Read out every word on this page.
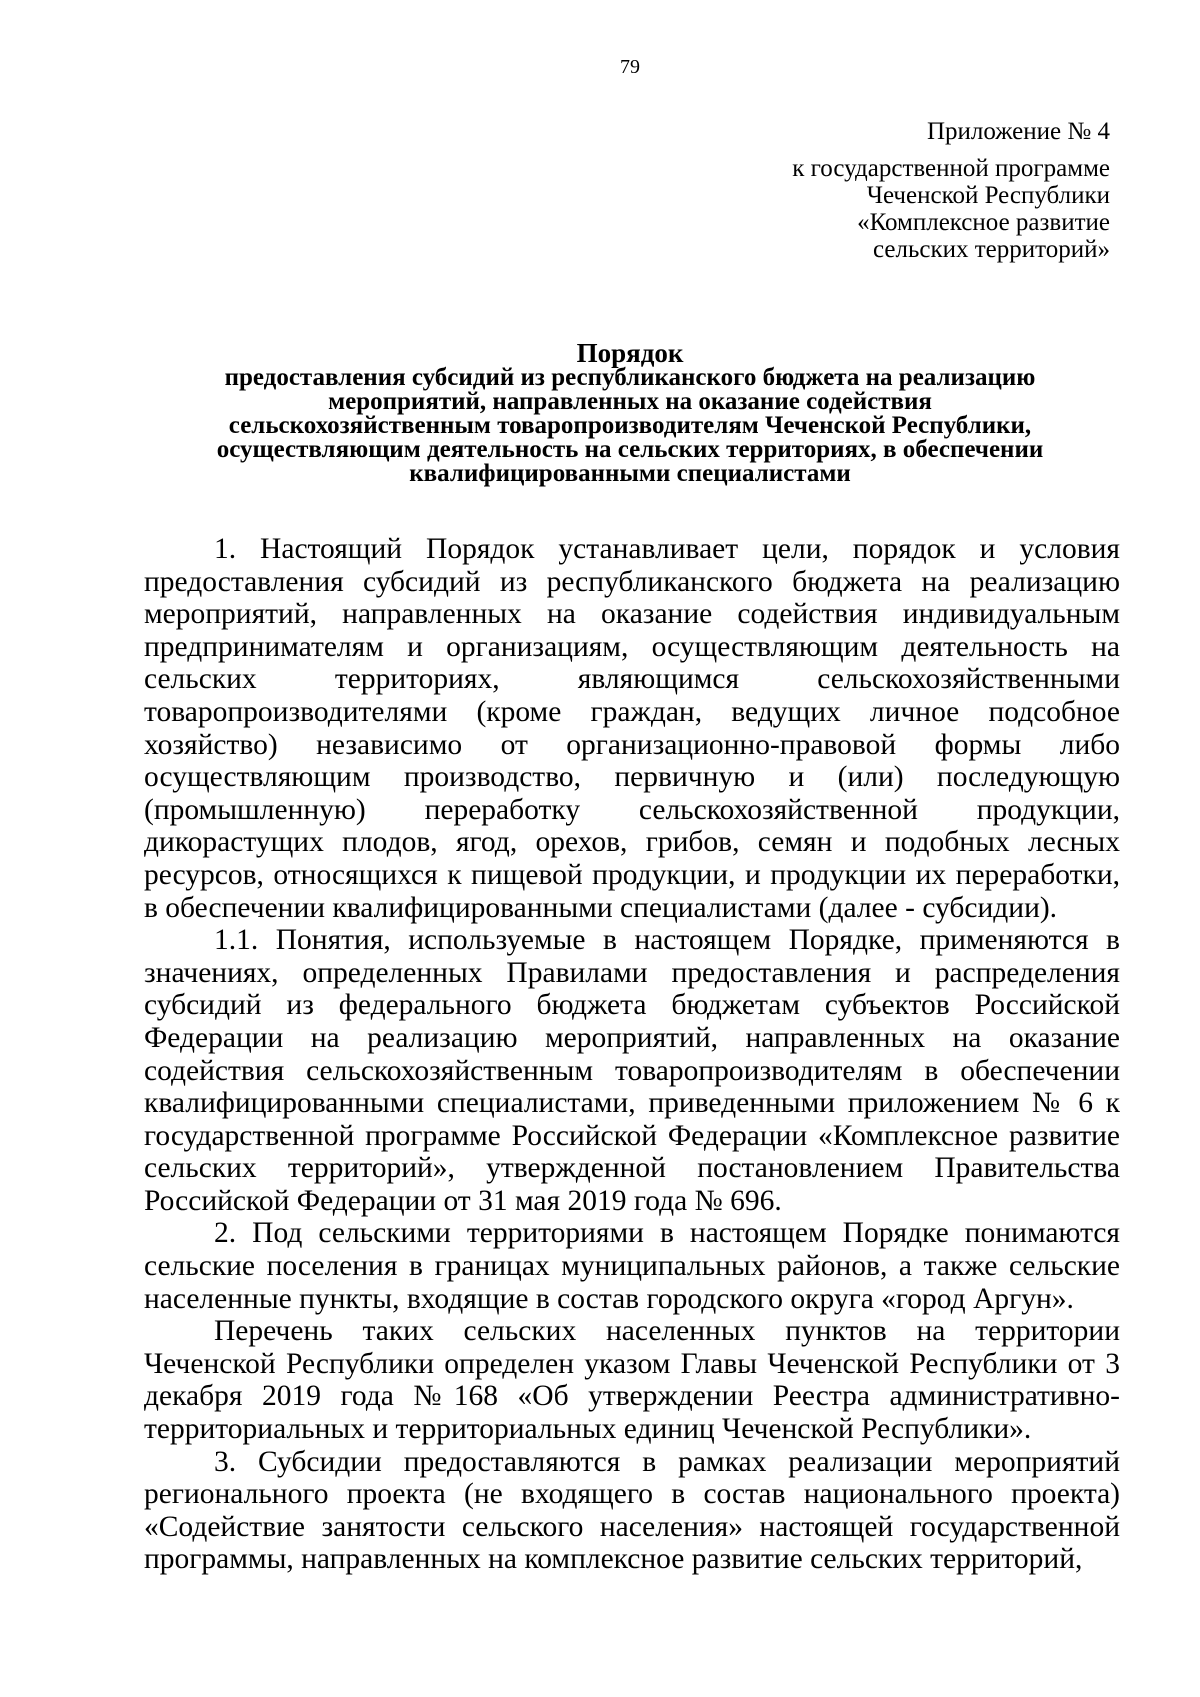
79
Приложение № 4
к государственной программе
Чеченской Республики
«Комплексное развитие
сельских территорий»
Порядок
предоставления субсидий из республиканского бюджета на реализацию
мероприятий, направленных на оказание содействия
сельскохозяйственным товаропроизводителям Чеченской Республики,
осуществляющим деятельность на сельских территориях, в обеспечении
квалифицированными специалистами

1. Настоящий Порядок устанавливает цели, порядок и условия предоставления субсидий из республиканского бюджета на реализацию мероприятий, направленных на оказание содействия индивидуальным предпринимателям и организациям, осуществляющим деятельность на сельских территориях, являющимся сельскохозяйственными товаропроизводителями (кроме граждан, ведущих личное подсобное хозяйство) независимо от организационно-правовой формы либо осуществляющим производство, первичную и (или) последующую (промышленную) переработку сельскохозяйственной продукции, дикорастущих плодов, ягод, орехов, грибов, семян и подобных лесных ресурсов, относящихся к пищевой продукции, и продукции их переработки, в обеспечении квалифицированными специалистами (далее - субсидии).

1.1. Понятия, используемые в настоящем Порядке, применяются в значениях, определенных Правилами предоставления и распределения субсидий из федерального бюджета бюджетам субъектов Российской Федерации на реализацию мероприятий, направленных на оказание содействия сельскохозяйственным товаропроизводителям в обеспечении квалифицированными специалистами, приведенными приложением № 6 к государственной программе Российской Федерации «Комплексное развитие сельских территорий», утвержденной постановлением Правительства Российской Федерации от 31 мая 2019 года № 696.

2. Под сельскими территориями в настоящем Порядке понимаются сельские поселения в границах муниципальных районов, а также сельские населенные пункты, входящие в состав городского округа «город Аргун».

Перечень таких сельских населенных пунктов на территории Чеченской Республики определен указом Главы Чеченской Республики от 3 декабря 2019 года №168 «Об утверждении Реестра административно-территориальных и территориальных единиц Чеченской Республики».

3. Субсидии предоставляются в рамках реализации мероприятий регионального проекта (не входящего в состав национального проекта) «Содействие занятости сельского населения» настоящей государственной программы, направленных на комплексное развитие сельских территорий,
